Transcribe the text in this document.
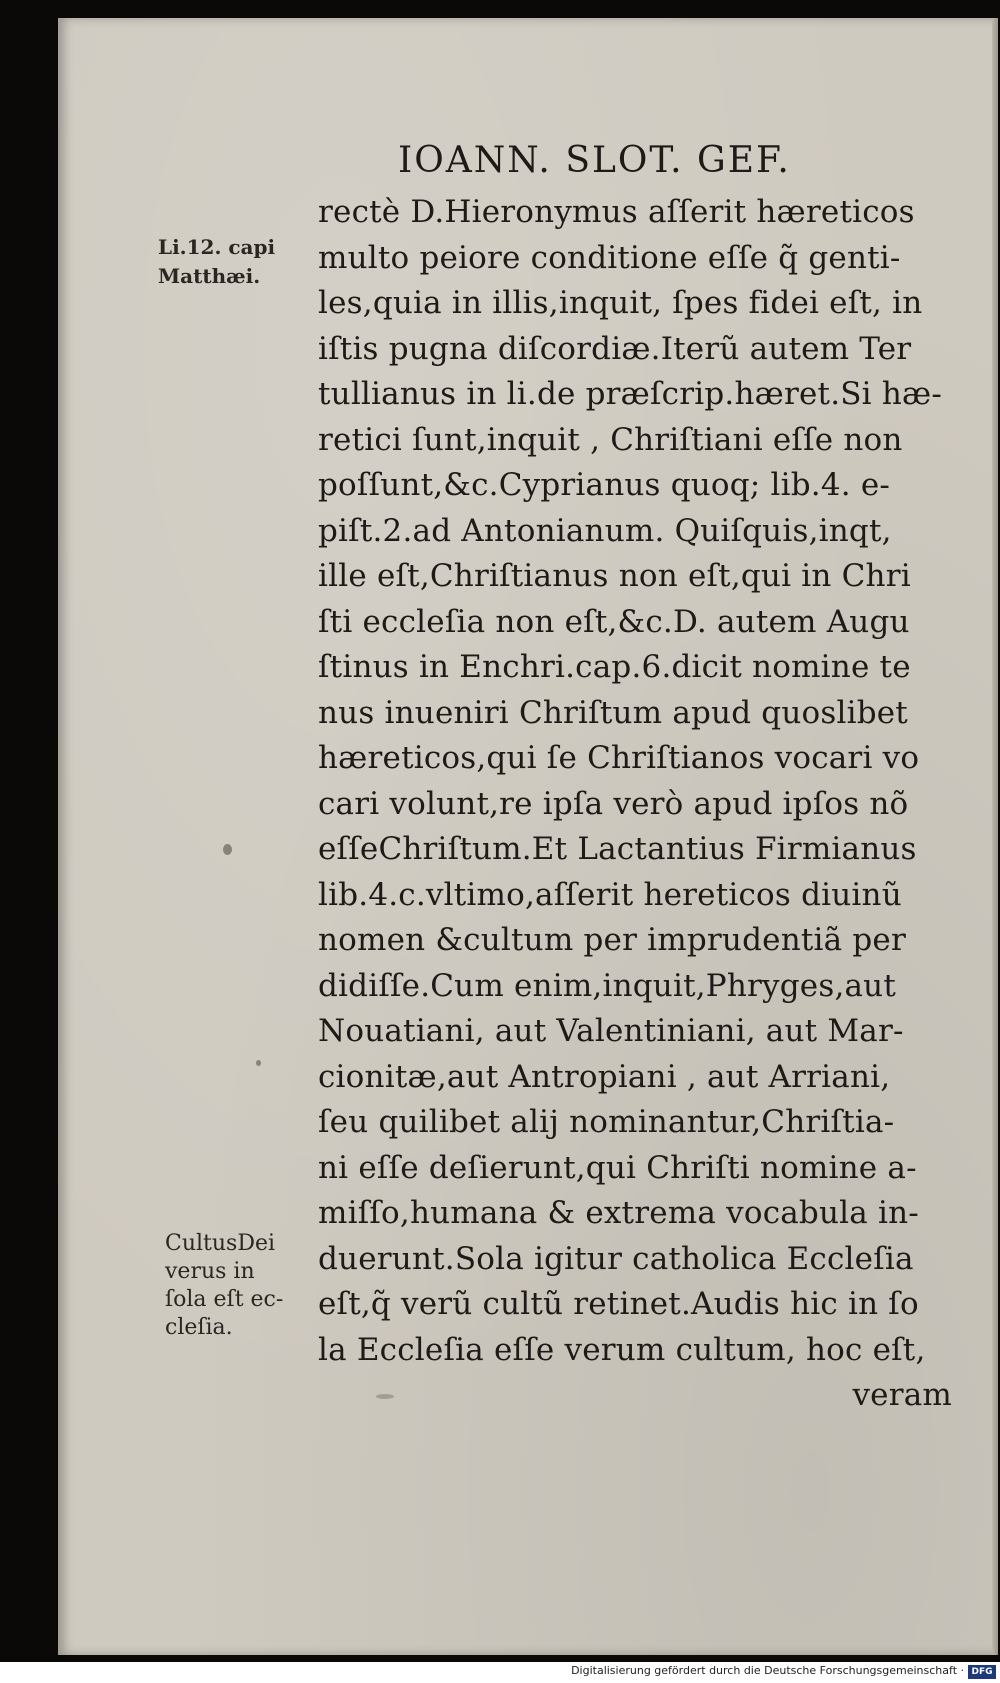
IOANN. SLOT. GEF.
Li.12. capi
Matthæi.
CultusDei
verus in
ſola eſt ec-
cleſia.
rectè D.Hieronymus aſſerit hæreticos
multo peiore conditione eſſe q̃ genti-
les,quia in illis,inquit, ſpes fidei eſt, in
iſtis pugna diſcordiæ.Iterũ autem Ter
tullianus in li.de præſcrip.hæret.Si hæ-
retici ſunt,inquit , Chriſtiani eſſe non
poſſunt,&c.Cyprianus quoq; lib.4. e-
piſt.2.ad Antonianum. Quiſquis,inqt,
ille eſt,Chriſtianus non eſt,qui in Chri
ſti eccleſia non eſt,&c.D. autem Augu
ſtinus in Enchri.cap.6.dicit nomine te
nus inueniri Chriſtum apud quoslibet
hæreticos,qui ſe Chriſtianos vocari vo
cari volunt,re ipſa verò apud ipſos nõ
eſſeChriſtum.Et Lactantius Firmianus
lib.4.c.vltimo,aſſerit hereticos diuinũ
nomen &cultum per imprudentiã per
didiſſe.Cum enim,inquit,Phryges,aut
Nouatiani, aut Valentiniani, aut Mar-
cionitæ,aut Antropiani , aut Arriani,
ſeu quilibet alij nominantur,Chriſtia-
ni eſſe deſierunt,qui Chriſti nomine a-
miſſo,humana & extrema vocabula in-
duerunt.Sola igitur catholica Eccleſia
eſt,q̃ verũ cultũ retinet.Audis hic in ſo
la Eccleſia eſſe verum cultum, hoc eſt,
veram
Digitalisierung gefördert durch die Deutsche Forschungsgemeinschaft · DFG
